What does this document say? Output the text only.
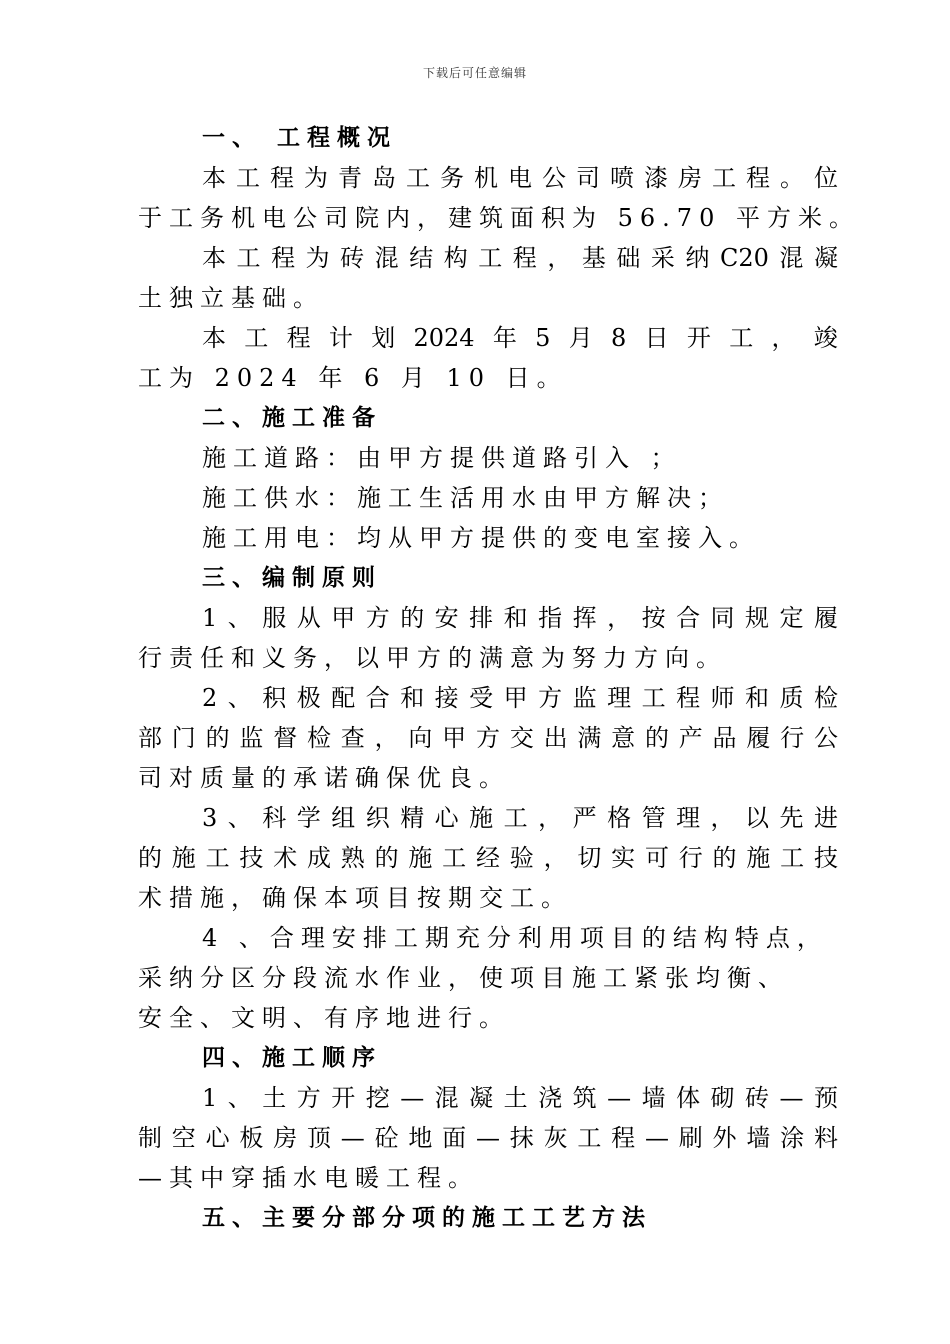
下载后可任意编辑
一、 工程概况
本 工 程 为 青 岛 工 务 机 电 公 司 喷 漆 房 工 程 。 位
于工务机电公司院内，建筑面积为 56.70 平方米。
本 工 程 为 砖 混 结 构 工 程 ， 基 础 采 纳 C20 混 凝
土独立基础。
本 工 程 计 划 2024 年 5 月 8 日 开 工 ， 竣
工为 2024 年 6 月 10 日。
二、施工准备
施工道路：由甲方提供道路引入 ；
施工供水：施工生活用水由甲方解决；
施工用电：均从甲方提供的变电室接入。
三、编制原则
1 、 服 从 甲 方 的 安 排 和 指 挥 ， 按 合 同 规 定 履
行责任和义务，以甲方的满意为努力方向。
2 、 积 极 配 合 和 接 受 甲 方 监 理 工 程 师 和 质 检
部 门 的 监 督 检 查 ， 向 甲 方 交 出 满 意 的 产 品 履 行 公
司对质量的承诺确保优良。
3 、 科 学 组 织 精 心 施 工 ， 严 格 管 理 ， 以 先 进
的 施 工 技 术 成 熟 的 施 工 经 验 ， 切 实 可 行 的 施 工 技
术措施，确保本项目按期交工。
4 、合理安排工期充分利用项目的结构特点，
采纳分区分段流水作业，使项目施工紧张均衡、
安全、文明、有序地进行。
四、施工顺序
1 、 土 方 开 挖 — 混 凝 土 浇 筑 — 墙 体 砌 砖 — 预
制 空 心 板 房 顶 — 砼 地 面 — 抹 灰 工 程 — 刷 外 墙 涂 料
—其中穿插水电暖工程。
五、主要分部分项的施工工艺方法
